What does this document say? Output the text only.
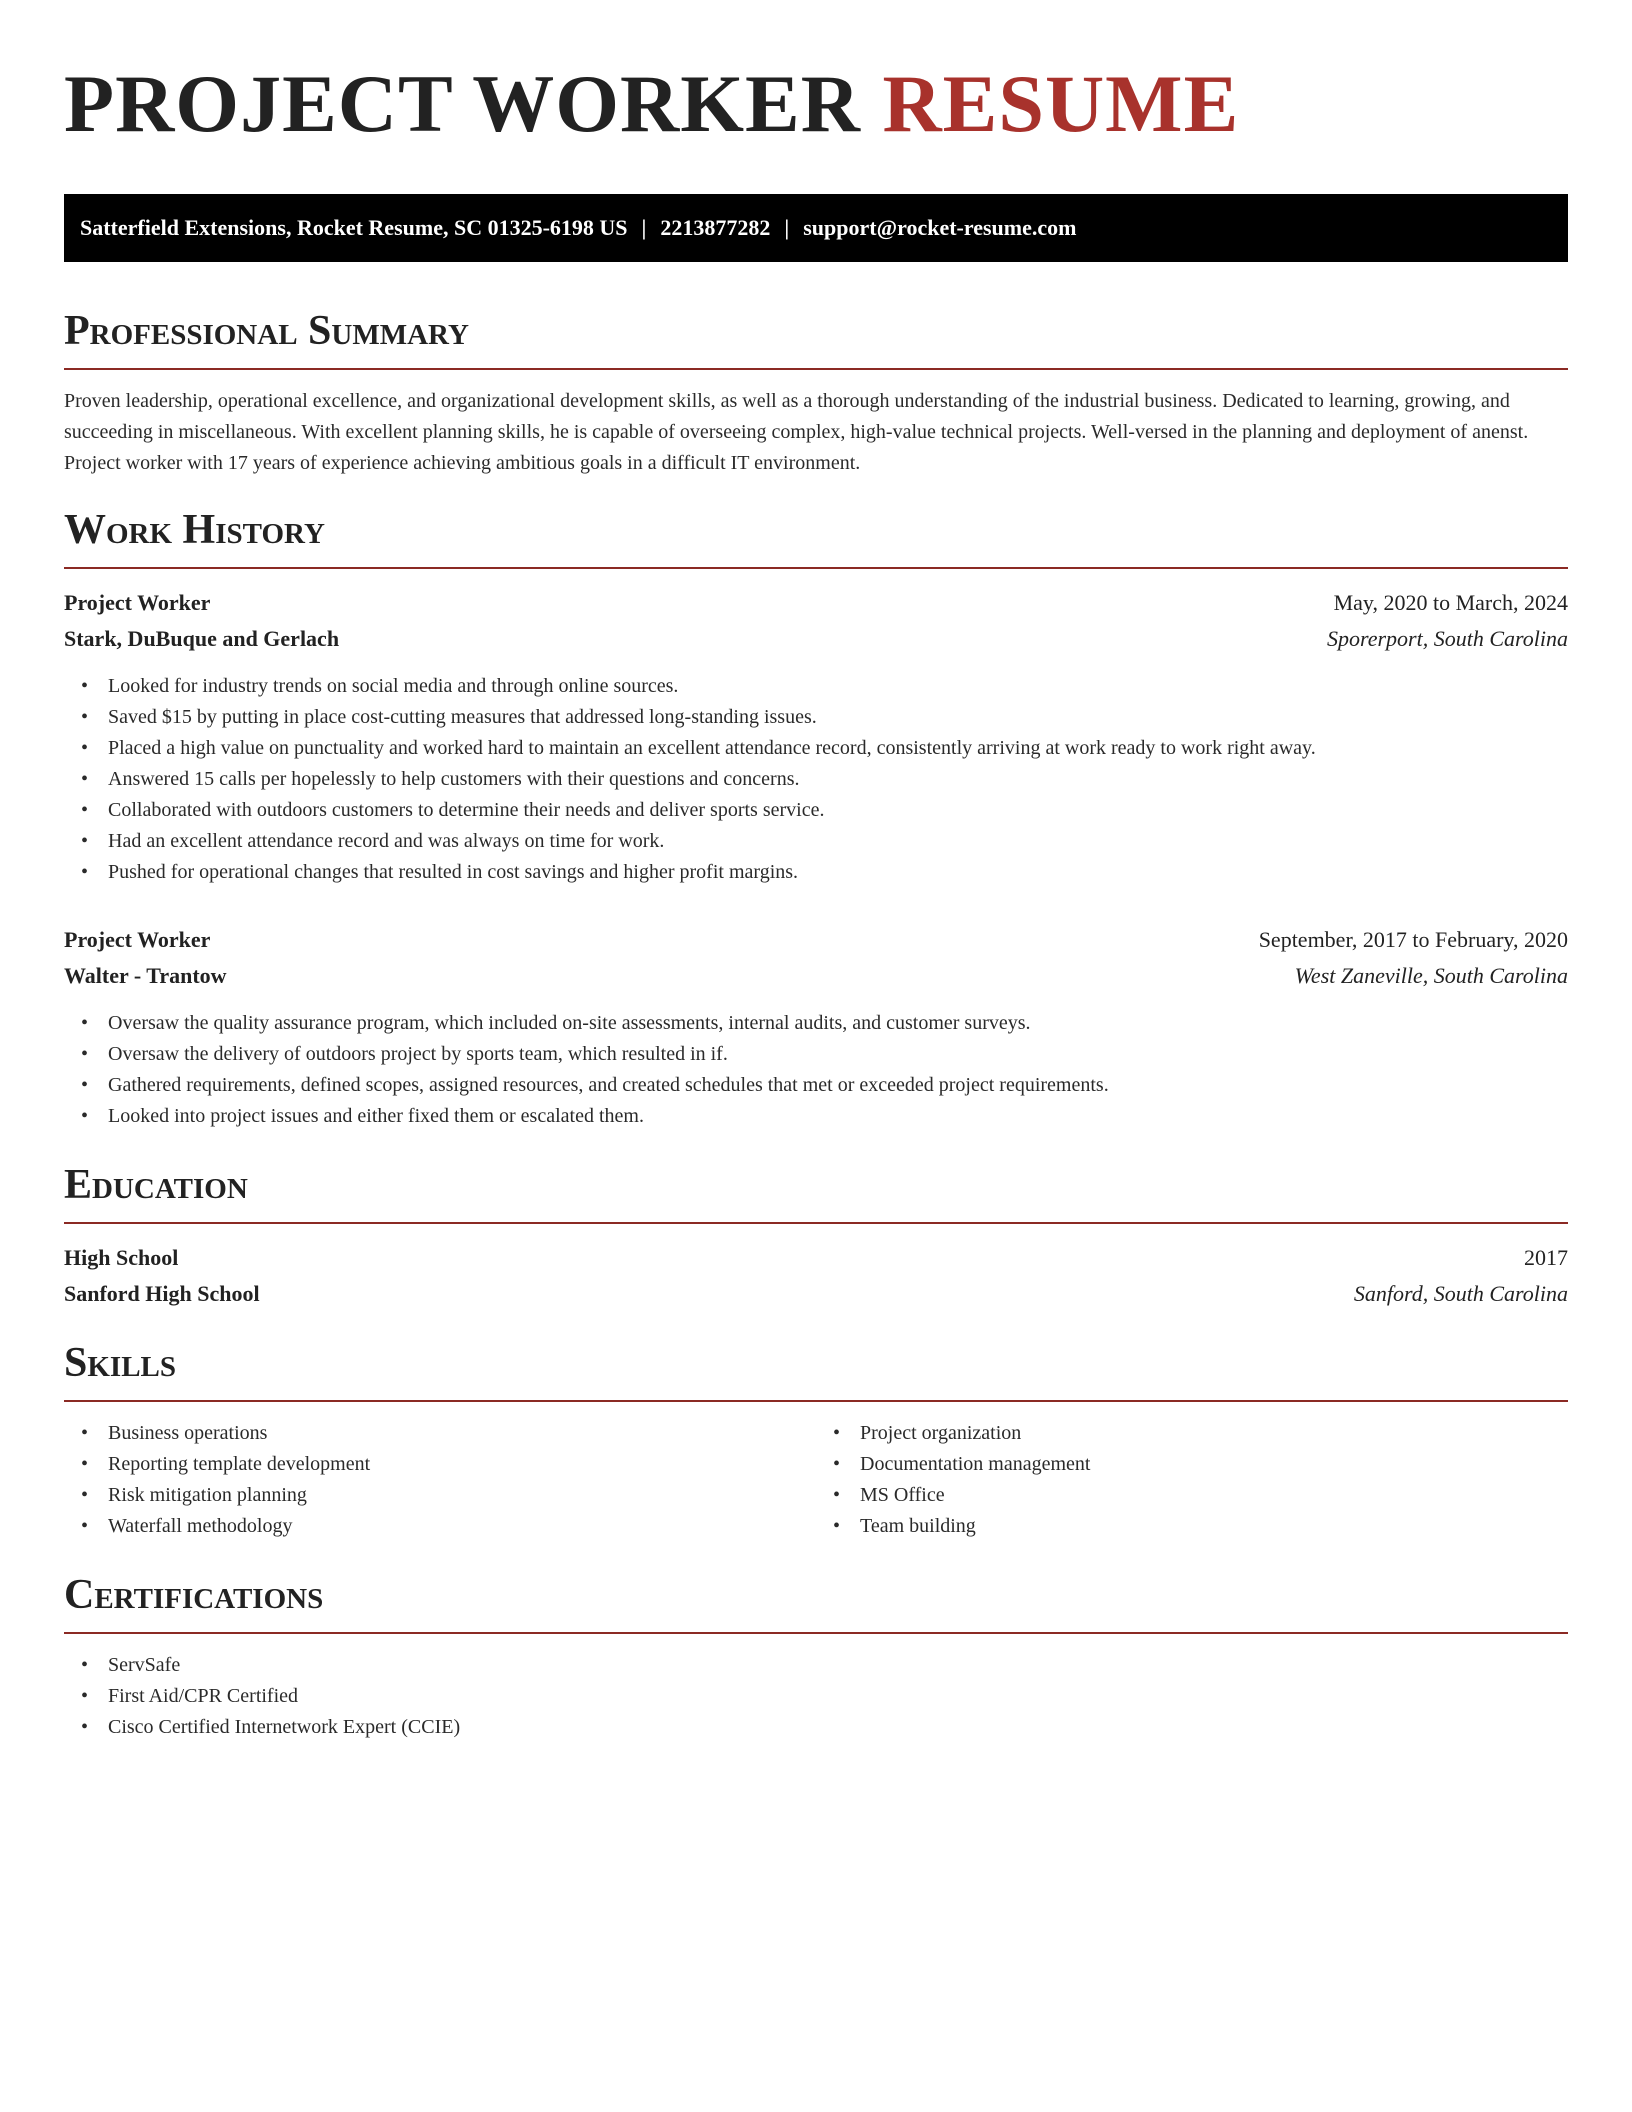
PROJECT WORKER RESUME
Satterfield Extensions, Rocket Resume, SC 01325-6198 US | 2213877282 | support@rocket-resume.com
Professional Summary

Proven leadership, operational excellence, and organizational development skills, as well as a thorough understanding of the industrial business. Dedicated to learning, growing, and succeeding in miscellaneous. With excellent planning skills, he is capable of overseeing complex, high-value technical projects. Well-versed in the planning and deployment of anenst. Project worker with 17 years of experience achieving ambitious goals in a difficult IT environment.

Work History
Project Worker	May, 2020 to March, 2024
Stark, DuBuque and Gerlach	Sporerport, South Carolina
• Looked for industry trends on social media and through online sources.
• Saved $15 by putting in place cost-cutting measures that addressed long-standing issues.
• Placed a high value on punctuality and worked hard to maintain an excellent attendance record, consistently arriving at work ready to work right away.
• Answered 15 calls per hopelessly to help customers with their questions and concerns.
• Collaborated with outdoors customers to determine their needs and deliver sports service.
• Had an excellent attendance record and was always on time for work.
• Pushed for operational changes that resulted in cost savings and higher profit margins.
Project Worker	September, 2017 to February, 2020
Walter - Trantow	West Zaneville, South Carolina
• Oversaw the quality assurance program, which included on-site assessments, internal audits, and customer surveys.
• Oversaw the delivery of outdoors project by sports team, which resulted in if.
• Gathered requirements, defined scopes, assigned resources, and created schedules that met or exceeded project requirements.
• Looked into project issues and either fixed them or escalated them.
Education
High School	2017
Sanford High School	Sanford, South Carolina
Skills
• Business operations
• Reporting template development
• Risk mitigation planning
• Waterfall methodology
• Project organization
• Documentation management
• MS Office
• Team building
Certifications
• ServSafe
• First Aid/CPR Certified
• Cisco Certified Internetwork Expert (CCIE)
